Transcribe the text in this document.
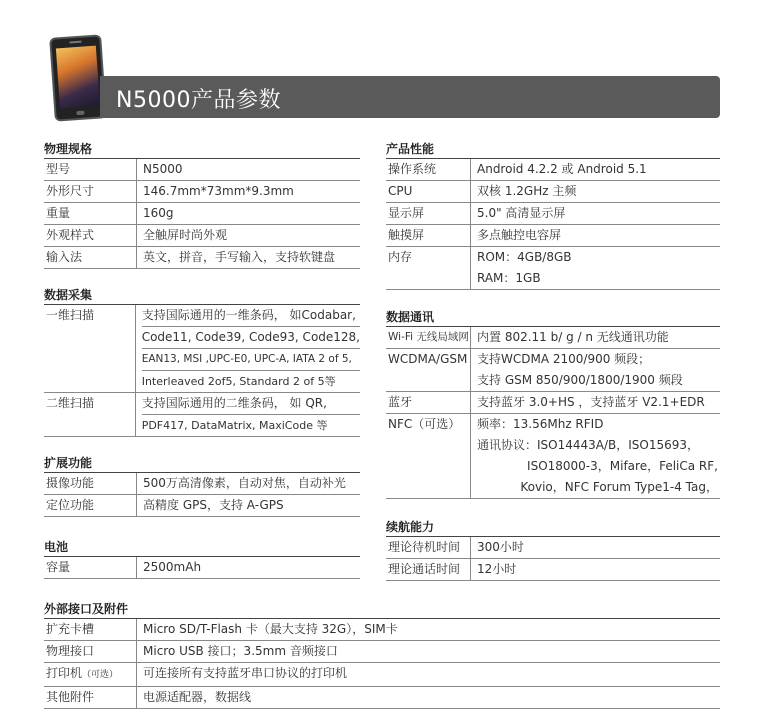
N5000产品参数
物理规格
型号	N5000
外形尺寸	146.7mm*73mm*9.3mm
重量	160g
外观样式	全触屏时尚外观
输入法	英文，拼音，手写输入，支持软键盘
数据采集
一维扫描	支持国际通用的一维条码， 如Codabar,
Code11, Code39, Code93, Code128,
EAN13, MSI ,UPC-E0, UPC-A, IATA 2 of 5,
Interleaved 2of5, Standard 2 of 5等

二维扫描	支持国际通用的二维条码， 如 QR,
PDF417, DataMatrix, MaxiCode 等
扩展功能
摄像功能	500万高清像素，自动对焦，自动补光
定位功能	高精度 GPS，支持 A-GPS
电池
容量	2500mAh
产品性能
操作系统	Android 4.2.2 或 Android 5.1
CPU	双核 1.2GHz 主频
显示屏	5.0" 高清显示屏
触摸屏	多点触控电容屏
内存	ROM：4GB/8GB
RAM：1GB
数据通讯
Wi-Fi 无线局域网	内置 802.11 b/ g / n 无线通讯功能
WCDMA/GSM	支持WCDMA 2100/900 频段；
支持 GSM 850/900/1800/1900 频段

蓝牙	支持蓝牙 3.0+HS ，支持蓝牙 V2.1+EDR
NFC（可选）	频率：13.56Mhz RFID
通讯协议：ISO14443A/B，ISO15693，
ISO18000-3，Mifare，FeliCa RF,
Kovio，NFC Forum Type1-4 Tag，
续航能力
理论待机时间	300小时
理论通话时间	12小时
外部接口及附件
扩充卡槽	Micro SD/T-Flash 卡（最大支持 32G），SIM卡
物理接口	Micro USB 接口；3.5mm 音频接口
打印机（可选）	可连接所有支持蓝牙串口协议的打印机
其他附件	电源适配器，数据线
